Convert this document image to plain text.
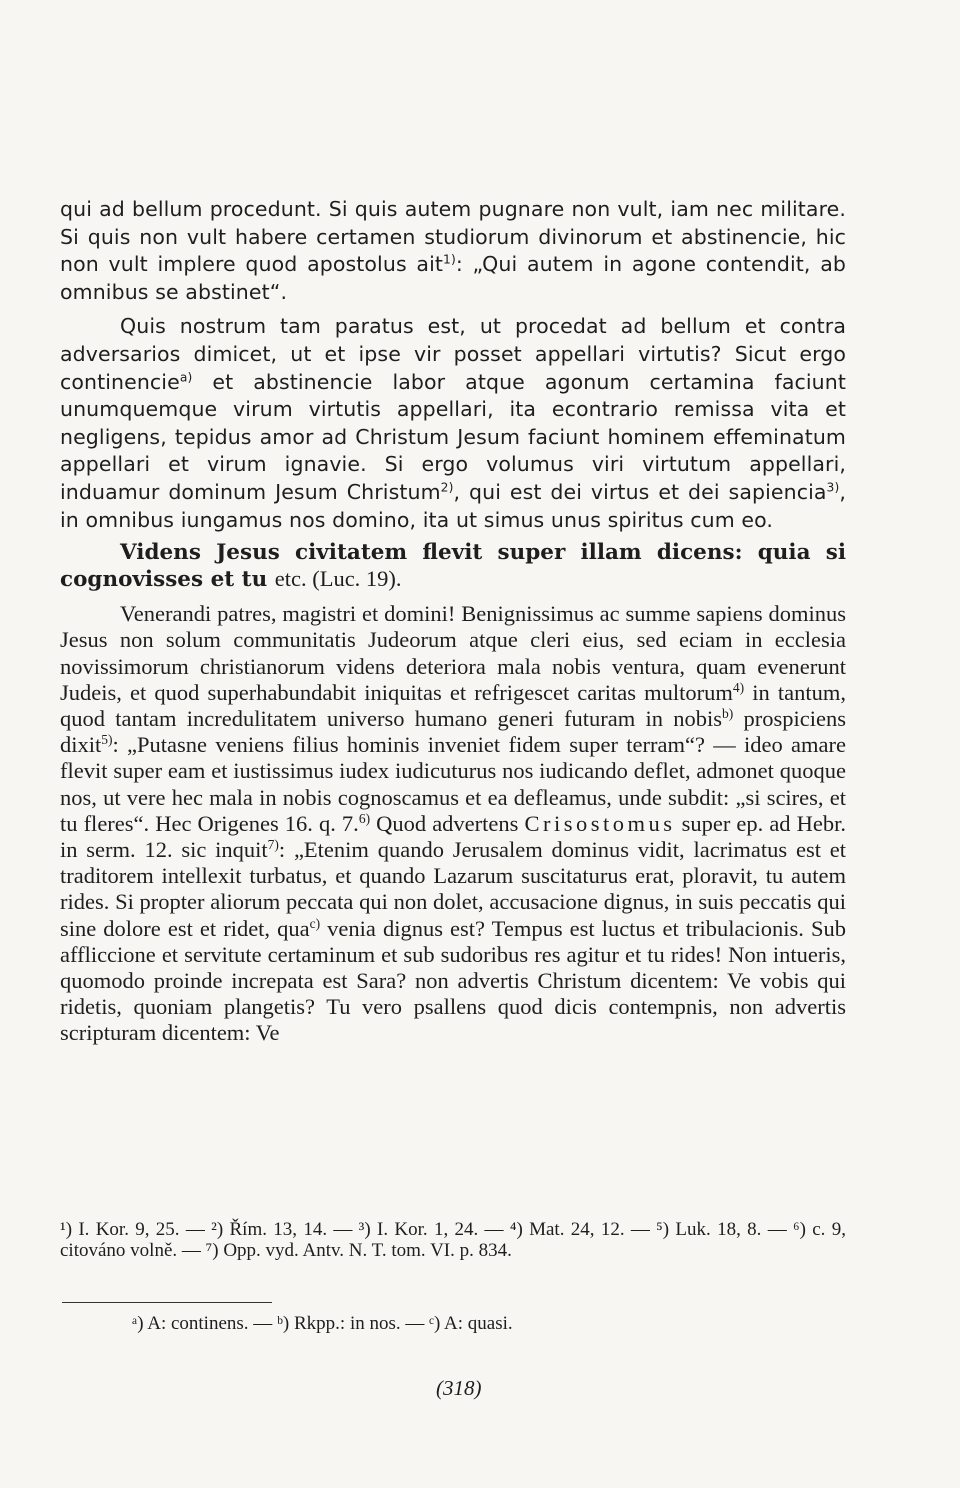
qui ad bellum procedunt. Si quis autem pugnare non vult, iam nec militare. Si quis non vult habere certamen studiorum divinorum et abstinencie, hic non vult implere quod apostolus ait$^{1)}$: „Qui autem in agone contendit, ab omnibus se abstinet“.

Quis nostrum tam paratus est, ut procedat ad bellum et contra adversarios dimicet, ut et ipse vir posset appellari virtutis? Sicut ergo continencie$^{a)}$ et abstinencie labor atque agonum certamina faciunt unumquemque virum virtutis appellari, ita econtrario remissa vita et negligens, tepidus amor ad Christum Jesum faciunt hominem effeminatum appellari et virum ignavie. Si ergo volumus viri virtutum appellari, induamur dominum Jesum Christum$^{2)}$, qui est dei virtus et dei sapiencia$^{3)}$, in omnibus iungamus nos domino, ita ut simus unus spiritus cum eo.

Videns Jesus civitatem flevit super illam dicens: quia si cognovisses et tu etc. (Luc. 19).

Venerandi patres, magistri et domini! Benignissimus ac summe sapiens dominus Jesus non solum communitatis Judeorum atque cleri eius, sed eciam in ecclesia novissimorum christianorum videns deteriora mala nobis ventura, quam evenerunt Judeis, et quod superhabundabit iniquitas et refrigescet caritas multorum$^{4)}$ in tantum, quod tantam incredulitatem universo humano generi futuram in nobis$^{b)}$ prospiciens dixit$^{5)}$: „Putasne veniens filius hominis inveniet fidem super terram“? — ideo amare flevit super eam et iustissimus iudex iudicuturus nos iudicando deflet, admonet quoque nos, ut vere hec mala in nobis cognoscamus et ea defleamus, unde subdit: „si scires, et tu fleres“. Hec Origenes 16. q. 7.$^{6)}$ Quod advertens Crisostomus super ep. ad Hebr. in serm. 12. sic inquit$^{7)}$: „Etenim quando Jerusalem dominus vidit, lacrimatus est et traditorem intellexit turbatus, et quando Lazarum suscitaturus erat, ploravit, tu autem rides. Si propter aliorum peccata qui non dolet, accusacione dignus, in suis peccatis qui sine dolore est et ridet, qua$^{c)}$ venia dignus est? Tempus est luctus et tribulacionis. Sub affliccione et servitute certaminum et sub sudoribus res agitur et tu rides! Non intueris, quomodo proinde increpata est Sara? non advertis Christum dicentem: Ve vobis qui ridetis, quoniam plangetis? Tu vero psallens quod dicis contempnis, non advertis scripturam dicentem: Ve

¹) I. Kor. 9, 25. — ²) Řím. 13, 14. — ³) I. Kor. 1, 24. — ⁴) Mat. 24, 12. — ⁵) Luk. 18, 8. — ⁶) c. 9, citováno volně. — ⁷) Opp. vyd. Antv. N. T. tom. VI. p. 834.
ᵃ) A: continens. — ᵇ) Rkpp.: in nos. — ᶜ) A: quasi.
(318)
